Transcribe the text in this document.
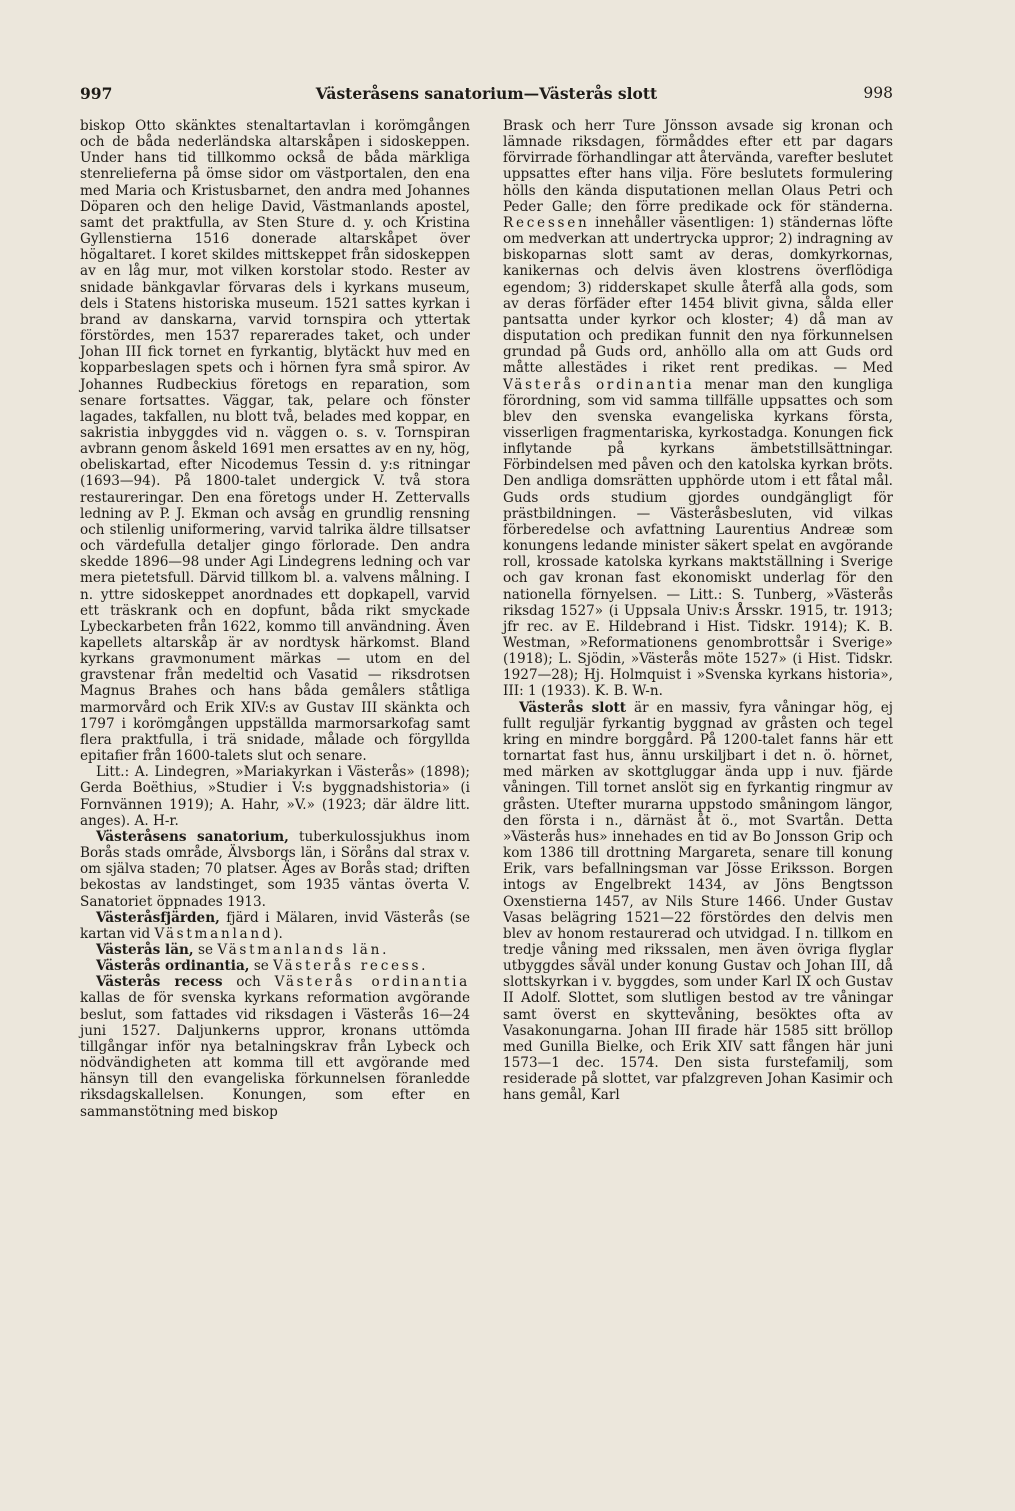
997	Västeråsens sanatorium—Västerås slott	998

biskop Otto skänktes stenaltartavlan i korömgången och de båda nederländska altarskåpen i sidoskeppen. Under hans tid tillkommo också de båda märkliga stenrelieferna på ömse sidor om västportalen, den ena med Maria och Kristusbarnet, den andra med Johannes Döparen och den helige David, Västmanlands apostel, samt det praktfulla, av Sten Sture d. y. och Kristina Gyllenstierna 1516 donerade altarskåpet över högaltaret. I koret skildes mittskeppet från sidoskeppen av en låg mur, mot vilken korstolar stodo. Rester av snidade bänkgavlar förvaras dels i kyrkans museum, dels i Statens historiska museum. 1521 sattes kyrkan i brand av danskarna, varvid tornspira och yttertak förstördes, men 1537 reparerades taket, och under Johan III fick tornet en fyrkantig, blytäckt huv med en kopparbeslagen spets och i hörnen fyra små spiror. Av Johannes Rudbeckius företogs en reparation, som senare fortsattes. Väggar, tak, pelare och fönster lagades, takfallen, nu blott två, belades med koppar, en sakristia inbyggdes vid n. väggen o. s. v. Tornspiran avbrann genom åskeld 1691 men ersattes av en ny, hög, obeliskartad, efter Nicodemus Tessin d. y:s ritningar (1693—94). På 1800-talet undergick V. två stora restaureringar. Den ena företogs under H. Zettervalls ledning av P. J. Ekman och avsåg en grundlig rensning och stilenlig uniformering, varvid talrika äldre tillsatser och värdefulla detaljer gingo förlorade. Den andra skedde 1896—98 under Agi Lindegrens ledning och var mera pietetsfull. Därvid tillkom bl. a. valvens målning. I n. yttre sidoskeppet anordnades ett dopkapell, varvid ett träskrank och en dopfunt, båda rikt smyckade Lybeckarbeten från 1622, kommo till användning. Även kapellets altarskåp är av nordtysk härkomst. Bland kyrkans gravmonument märkas — utom en del gravstenar från medeltid och Vasatid — riksdrotsen Magnus Brahes och hans båda gemålers ståtliga marmorvård och Erik XIV:s av Gustav III skänkta och 1797 i korömgången uppställda marmorsarkofag samt flera praktfulla, i trä snidade, målade och förgyllda epitafier från 1600-talets slut och senare.

Litt.: A. Lindegren, »Mariakyrkan i Västerås» (1898); Gerda Boëthius, »Studier i V:s byggnadshistoria» (i Fornvännen 1919); A. Hahr, »V.» (1923; där äldre litt. anges). A. H-r.

Västeråsens sanatorium, tuberkulossjukhus inom Borås stads område, Älvsborgs län, i Söråns dal strax v. om själva staden; 70 platser. Äges av Borås stad; driften bekostas av landstinget, som 1935 väntas överta V. Sanatoriet öppnades 1913.

Västeråsfjärden, fjärd i Mälaren, invid Västerås (se kartan vid Västmanland).

Västerås län, se Västmanlands län.

Västerås ordinantia, se Västerås recess.

Västerås recess och Västerås ordinantia kallas de för svenska kyrkans reformation avgörande beslut, som fattades vid riksdagen i Västerås 16—24 juni 1527. Daljunkerns uppror, kronans uttömda tillgångar inför nya betalningskrav från Lybeck och nödvändigheten att komma till ett avgörande med hänsyn till den evangeliska förkunnelsen föranledde riksdagskallelsen. Konungen, som efter en sammanstötning med biskop

Brask och herr Ture Jönsson avsade sig kronan och lämnade riksdagen, förmåddes efter ett par dagars förvirrade förhandlingar att återvända, varefter beslutet uppsattes efter hans vilja. Före beslutets formulering hölls den kända disputationen mellan Olaus Petri och Peder Galle; den förre predikade ock för ständerna. Recessen innehåller väsentligen: 1) ständernas löfte om medverkan att undertrycka uppror; 2) indragning av biskoparnas slott samt av deras, domkyrkornas, kanikernas och delvis även klostrens överflödiga egendom; 3) ridderskapet skulle återfå alla gods, som av deras förfäder efter 1454 blivit givna, sålda eller pantsatta under kyrkor och kloster; 4) då man av disputation och predikan funnit den nya förkunnelsen grundad på Guds ord, anhöllo alla om att Guds ord måtte allestädes i riket rent predikas. — Med Västerås ordinantia menar man den kungliga förordning, som vid samma tillfälle uppsattes och som blev den svenska evangeliska kyrkans första, visserligen fragmentariska, kyrkostadga. Konungen fick inflytande på kyrkans ämbetstillsättningar. Förbindelsen med påven och den katolska kyrkan bröts. Den andliga domsrätten upphörde utom i ett fåtal mål. Guds ords studium gjordes oundgängligt för prästbildningen. — Västeråsbesluten, vid vilkas förberedelse och avfattning Laurentius Andreæ som konungens ledande minister säkert spelat en avgörande roll, krossade katolska kyrkans maktställning i Sverige och gav kronan fast ekonomiskt underlag för den nationella förnyelsen. — Litt.: S. Tunberg, »Västerås riksdag 1527» (i Uppsala Univ:s Årsskr. 1915, tr. 1913; jfr rec. av E. Hildebrand i Hist. Tidskr. 1914); K. B. Westman, »Reformationens genombrottsår i Sverige» (1918); L. Sjödin, »Västerås möte 1527» (i Hist. Tidskr. 1927—28); Hj. Holmquist i »Svenska kyrkans historia», III: 1 (1933). K. B. W-n.

Västerås slott är en massiv, fyra våningar hög, ej fullt reguljär fyrkantig byggnad av gråsten och tegel kring en mindre borggård. På 1200-talet fanns här ett tornartat fast hus, ännu urskiljbart i det n. ö. hörnet, med märken av skottgluggar ända upp i nuv. fjärde våningen. Till tornet anslöt sig en fyrkantig ringmur av gråsten. Utefter murarna uppstodo småningom längor, den första i n., därnäst åt ö., mot Svartån. Detta »Västerås hus» innehades en tid av Bo Jonsson Grip och kom 1386 till drottning Margareta, senare till konung Erik, vars befallningsman var Jösse Eriksson. Borgen intogs av Engelbrekt 1434, av Jöns Bengtsson Oxenstierna 1457, av Nils Sture 1466. Under Gustav Vasas belägring 1521—22 förstördes den delvis men blev av honom restaurerad och utvidgad. I n. tillkom en tredje våning med rikssalen, men även övriga flyglar utbyggdes såväl under konung Gustav och Johan III, då slottskyrkan i v. byggdes, som under Karl IX och Gustav II Adolf. Slottet, som slutligen bestod av tre våningar samt överst en skyttevåning, besöktes ofta av Vasakonungarna. Johan III firade här 1585 sitt bröllop med Gunilla Bielke, och Erik XIV satt fången här juni 1573—1 dec. 1574. Den sista furstefamilj, som residerade på slottet, var pfalzgreven Johan Kasimir och hans gemål, Karl
